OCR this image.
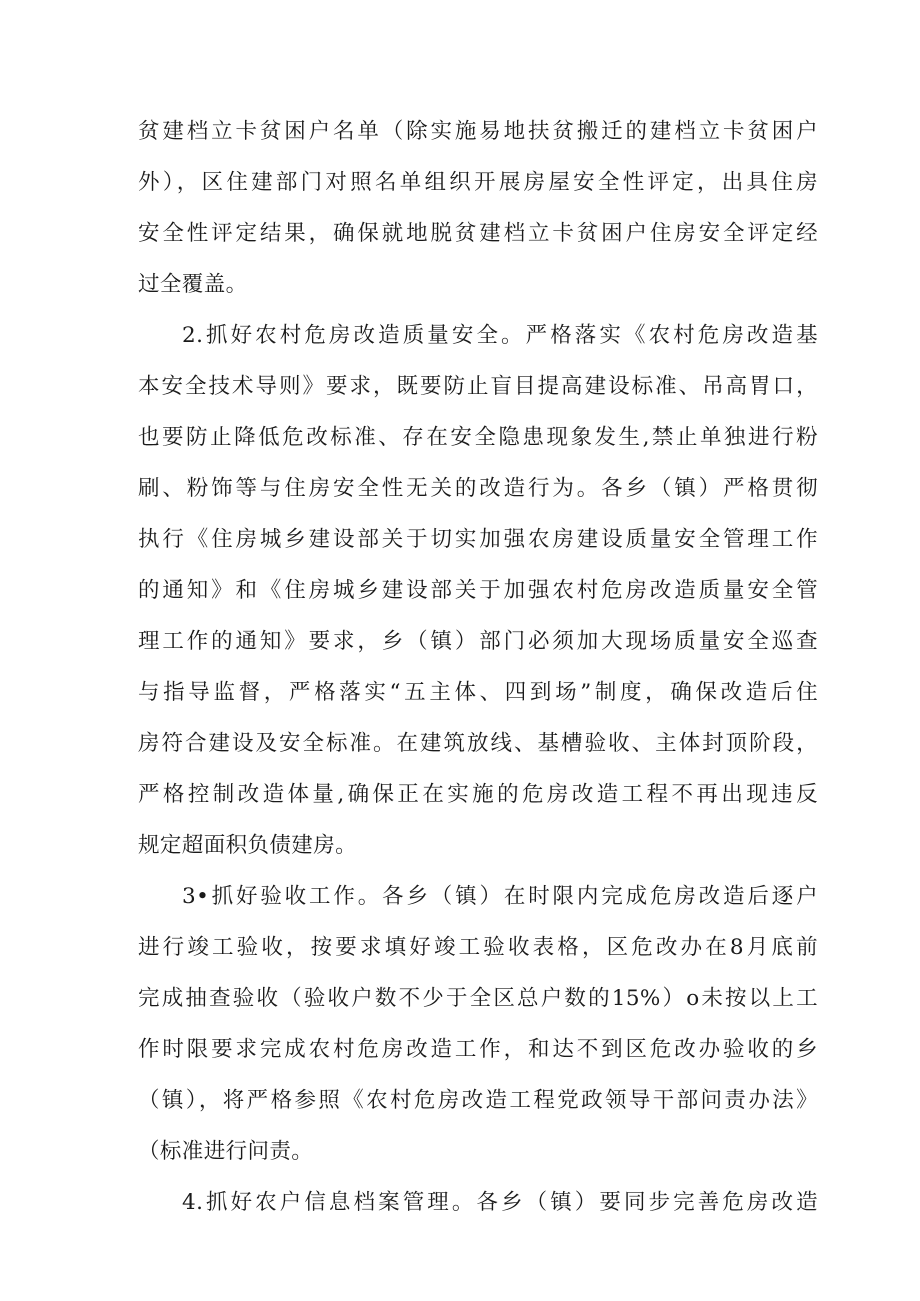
贫建档立卡贫困户名单（除实施易地扶贫搬迁的建档立卡贫困户
外），区住建部门对照名单组织开展房屋安全性评定，出具住房
安全性评定结果，确保就地脱贫建档立卡贫困户住房安全评定经
过全覆盖。
2.抓好农村危房改造质量安全。严格落实《农村危房改造基
本安全技术导则》要求，既要防止盲目提高建设标准、吊高胃口，
也要防止降低危改标准、存在安全隐患现象发生,禁止单独进行粉
刷、粉饰等与住房安全性无关的改造行为。各乡（镇）严格贯彻
执行《住房城乡建设部关于切实加强农房建设质量安全管理工作
的通知》和《住房城乡建设部关于加强农村危房改造质量安全管
理工作的通知》要求，乡（镇）部门必须加大现场质量安全巡查
与指导监督，严格落实“五主体、四到场”制度，确保改造后住
房符合建设及安全标准。在建筑放线、基槽验收、主体封顶阶段，
严格控制改造体量,确保正在实施的危房改造工程不再出现违反
规定超面积负债建房。
3•抓好验收工作。各乡（镇）在时限内完成危房改造后逐户
进行竣工验收，按要求填好竣工验收表格，区危改办在8月底前
完成抽查验收（验收户数不少于全区总户数的15%）o未按以上工
作时限要求完成农村危房改造工作，和达不到区危改办验收的乡
（镇），将严格参照《农村危房改造工程党政领导干部问责办法》
（标准进行问责。
4.抓好农户信息档案管理。各乡（镇）要同步完善危房改造
